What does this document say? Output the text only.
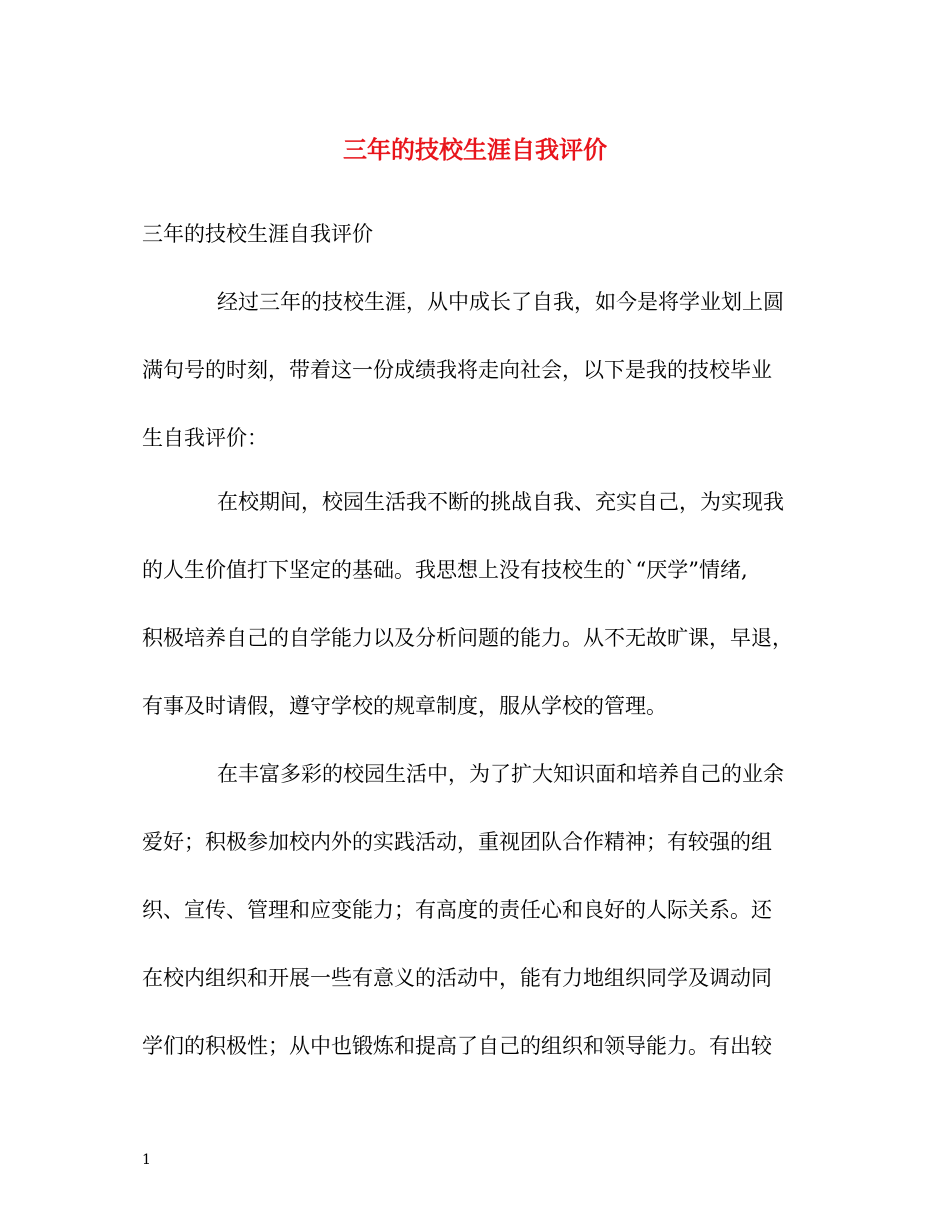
三年的技校生涯自我评价
三年的技校生涯自我评价
经过三年的技校生涯，从中成长了自我，如今是将学业划上圆
满句号的时刻，带着这一份成绩我将走向社会，以下是我的技校毕业
生自我评价：
在校期间，校园生活我不断的挑战自我、充实自己，为实现我
的人生价值打下坚定的基础。我思想上没有技校生的`“厌学”情绪,
积极培养自己的自学能力以及分析问题的能力。从不无故旷课，早退，
有事及时请假，遵守学校的规章制度，服从学校的管理。
在丰富多彩的校园生活中，为了扩大知识面和培养自己的业余
爱好；积极参加校内外的实践活动，重视团队合作精神；有较强的组
织、宣传、管理和应变能力；有高度的责任心和良好的人际关系。还
在校内组织和开展一些有意义的活动中，能有力地组织同学及调动同
学们的积极性；从中也锻炼和提高了自己的组织和领导能力。有出较
1
